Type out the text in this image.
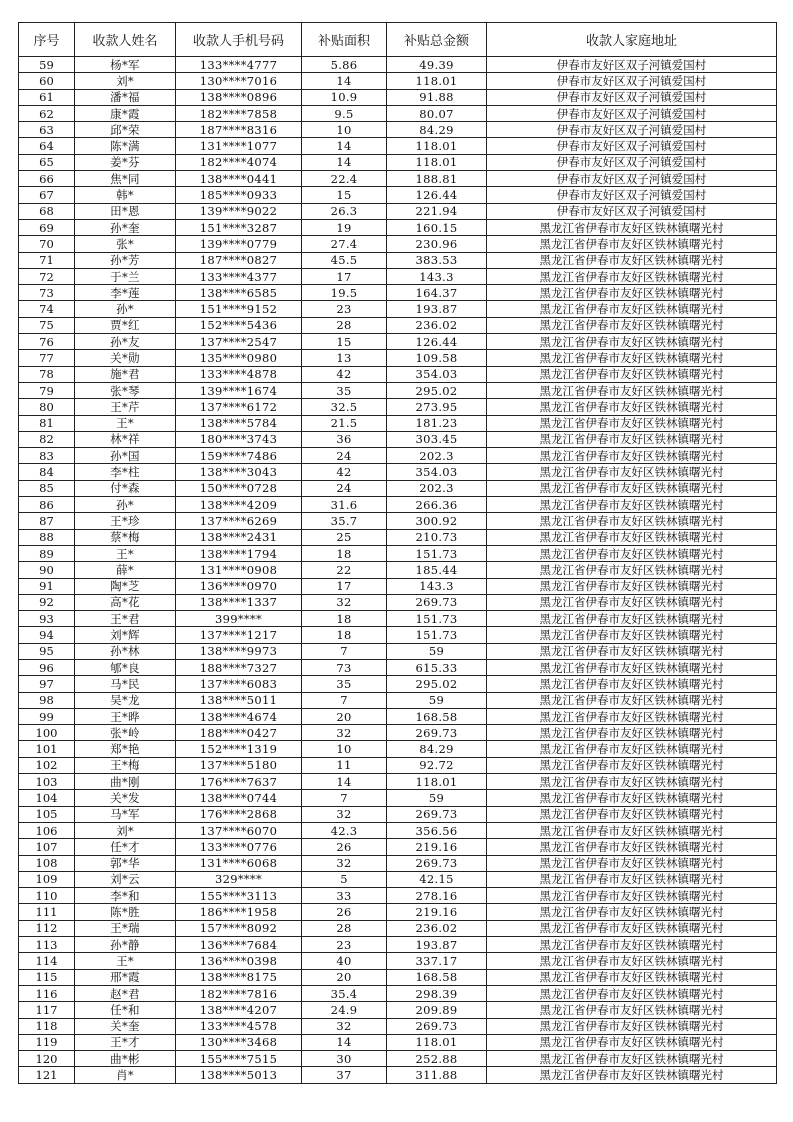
序号	收款人姓名	收款人手机号码	补贴面积	补贴总金额	收款人家庭地址
59	杨*军	133****4777	5.86	49.39	伊春市友好区双子河镇爱国村
60	刘*	130****7016	14	118.01	伊春市友好区双子河镇爱国村
61	潘*福	138****0896	10.9	91.88	伊春市友好区双子河镇爱国村
62	康*霞	182****7858	9.5	80.07	伊春市友好区双子河镇爱国村
63	邱*荣	187****8316	10	84.29	伊春市友好区双子河镇爱国村
64	陈*满	131****1077	14	118.01	伊春市友好区双子河镇爱国村
65	姜*芬	182****4074	14	118.01	伊春市友好区双子河镇爱国村
66	焦*同	138****0441	22.4	188.81	伊春市友好区双子河镇爱国村
67	韩*	185****0933	15	126.44	伊春市友好区双子河镇爱国村
68	田*恩	139****9022	26.3	221.94	伊春市友好区双子河镇爱国村
69	孙*奎	151****3287	19	160.15	黑龙江省伊春市友好区铁林镇曙光村
70	张*	139****0779	27.4	230.96	黑龙江省伊春市友好区铁林镇曙光村
71	孙*芳	187****0827	45.5	383.53	黑龙江省伊春市友好区铁林镇曙光村
72	于*兰	133****4377	17	143.3	黑龙江省伊春市友好区铁林镇曙光村
73	李*莲	138****6585	19.5	164.37	黑龙江省伊春市友好区铁林镇曙光村
74	孙*	151****9152	23	193.87	黑龙江省伊春市友好区铁林镇曙光村
75	贾*红	152****5436	28	236.02	黑龙江省伊春市友好区铁林镇曙光村
76	孙*友	137****2547	15	126.44	黑龙江省伊春市友好区铁林镇曙光村
77	关*勋	135****0980	13	109.58	黑龙江省伊春市友好区铁林镇曙光村
78	施*君	133****4878	42	354.03	黑龙江省伊春市友好区铁林镇曙光村
79	张*琴	139****1674	35	295.02	黑龙江省伊春市友好区铁林镇曙光村
80	王*芹	137****6172	32.5	273.95	黑龙江省伊春市友好区铁林镇曙光村
81	王*	138****5784	21.5	181.23	黑龙江省伊春市友好区铁林镇曙光村
82	林*祥	180****3743	36	303.45	黑龙江省伊春市友好区铁林镇曙光村
83	孙*国	159****7486	24	202.3	黑龙江省伊春市友好区铁林镇曙光村
84	李*柱	138****3043	42	354.03	黑龙江省伊春市友好区铁林镇曙光村
85	付*森	150****0728	24	202.3	黑龙江省伊春市友好区铁林镇曙光村
86	孙*	138****4209	31.6	266.36	黑龙江省伊春市友好区铁林镇曙光村
87	王*珍	137****6269	35.7	300.92	黑龙江省伊春市友好区铁林镇曙光村
88	蔡*梅	138****2431	25	210.73	黑龙江省伊春市友好区铁林镇曙光村
89	王*	138****1794	18	151.73	黑龙江省伊春市友好区铁林镇曙光村
90	薛*	131****0908	22	185.44	黑龙江省伊春市友好区铁林镇曙光村
91	陶*芝	136****0970	17	143.3	黑龙江省伊春市友好区铁林镇曙光村
92	高*花	138****1337	32	269.73	黑龙江省伊春市友好区铁林镇曙光村
93	王*君	399****	18	151.73	黑龙江省伊春市友好区铁林镇曙光村
94	刘*辉	137****1217	18	151.73	黑龙江省伊春市友好区铁林镇曙光村
95	孙*林	138****9973	7	59	黑龙江省伊春市友好区铁林镇曙光村
96	郇*良	188****7327	73	615.33	黑龙江省伊春市友好区铁林镇曙光村
97	马*民	137****6083	35	295.02	黑龙江省伊春市友好区铁林镇曙光村
98	吴*龙	138****5011	7	59	黑龙江省伊春市友好区铁林镇曙光村
99	王*晔	138****4674	20	168.58	黑龙江省伊春市友好区铁林镇曙光村
100	张*岭	188****0427	32	269.73	黑龙江省伊春市友好区铁林镇曙光村
101	郑*艳	152****1319	10	84.29	黑龙江省伊春市友好区铁林镇曙光村
102	王*梅	137****5180	11	92.72	黑龙江省伊春市友好区铁林镇曙光村
103	曲*刚	176****7637	14	118.01	黑龙江省伊春市友好区铁林镇曙光村
104	关*发	138****0744	7	59	黑龙江省伊春市友好区铁林镇曙光村
105	马*军	176****2868	32	269.73	黑龙江省伊春市友好区铁林镇曙光村
106	刘*	137****6070	42.3	356.56	黑龙江省伊春市友好区铁林镇曙光村
107	任*才	133****0776	26	219.16	黑龙江省伊春市友好区铁林镇曙光村
108	郭*华	131****6068	32	269.73	黑龙江省伊春市友好区铁林镇曙光村
109	刘*云	329****	5	42.15	黑龙江省伊春市友好区铁林镇曙光村
110	李*和	155****3113	33	278.16	黑龙江省伊春市友好区铁林镇曙光村
111	陈*胜	186****1958	26	219.16	黑龙江省伊春市友好区铁林镇曙光村
112	王*瑞	157****8092	28	236.02	黑龙江省伊春市友好区铁林镇曙光村
113	孙*静	136****7684	23	193.87	黑龙江省伊春市友好区铁林镇曙光村
114	王*	136****0398	40	337.17	黑龙江省伊春市友好区铁林镇曙光村
115	邢*霞	138****8175	20	168.58	黑龙江省伊春市友好区铁林镇曙光村
116	赵*君	182****7816	35.4	298.39	黑龙江省伊春市友好区铁林镇曙光村
117	任*和	138****4207	24.9	209.89	黑龙江省伊春市友好区铁林镇曙光村
118	关*奎	133****4578	32	269.73	黑龙江省伊春市友好区铁林镇曙光村
119	王*才	130****3468	14	118.01	黑龙江省伊春市友好区铁林镇曙光村
120	曲*彬	155****7515	30	252.88	黑龙江省伊春市友好区铁林镇曙光村
121	肖*	138****5013	37	311.88	黑龙江省伊春市友好区铁林镇曙光村
